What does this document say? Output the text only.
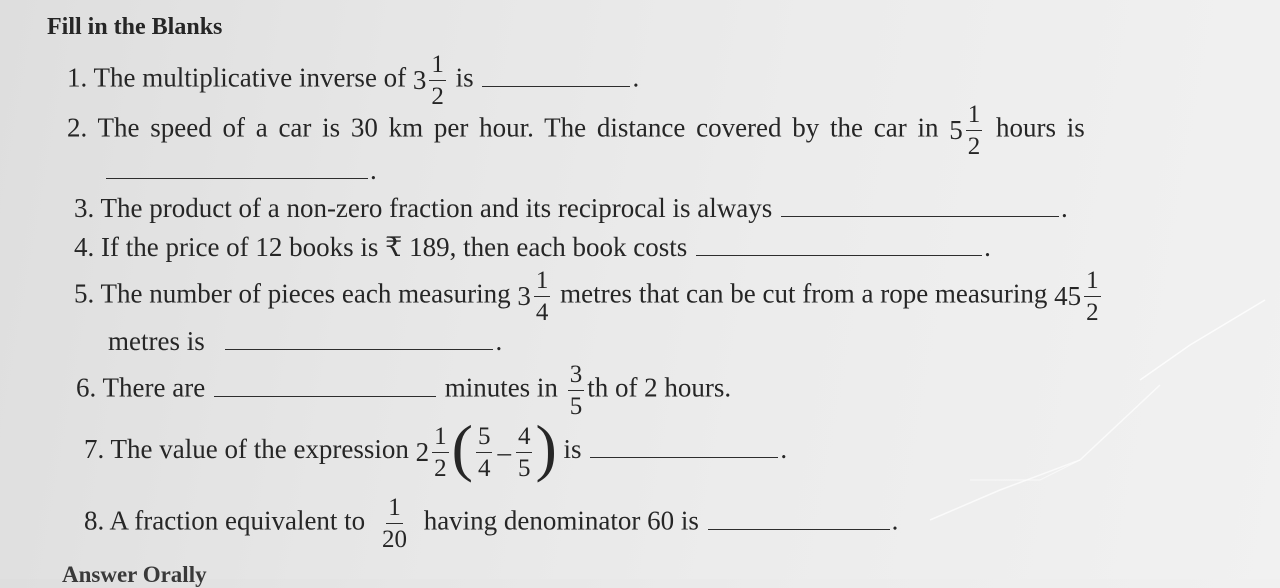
Fill in the Blanks
1. The multiplicative inverse of $3 \frac{1}{2}$ is	.
2. The speed of a car is 30 km per hour. The distance covered by the car in $5 \frac{1}{2}$ hours is
.
3. The product of a non-zero fraction and its reciprocal is always	.
4. If the price of 12 books is ₹ 189, then each book costs	.
5. The number of pieces each measuring $3 \frac{1}{4}$ metres that can be cut from a rope measuring $45 \frac{1}{2}$
metres is	.
6. There are	minutes in $\frac{3}{5}$ th of 2 hours.
7. The value of the expression $2 \frac{1}{2}$ ( $\frac{5}{4} - \frac{4}{5}$ ) is	.
8. A fraction equivalent to $\frac{1}{20}$ having denominator 60 is	.
Answer Orally
